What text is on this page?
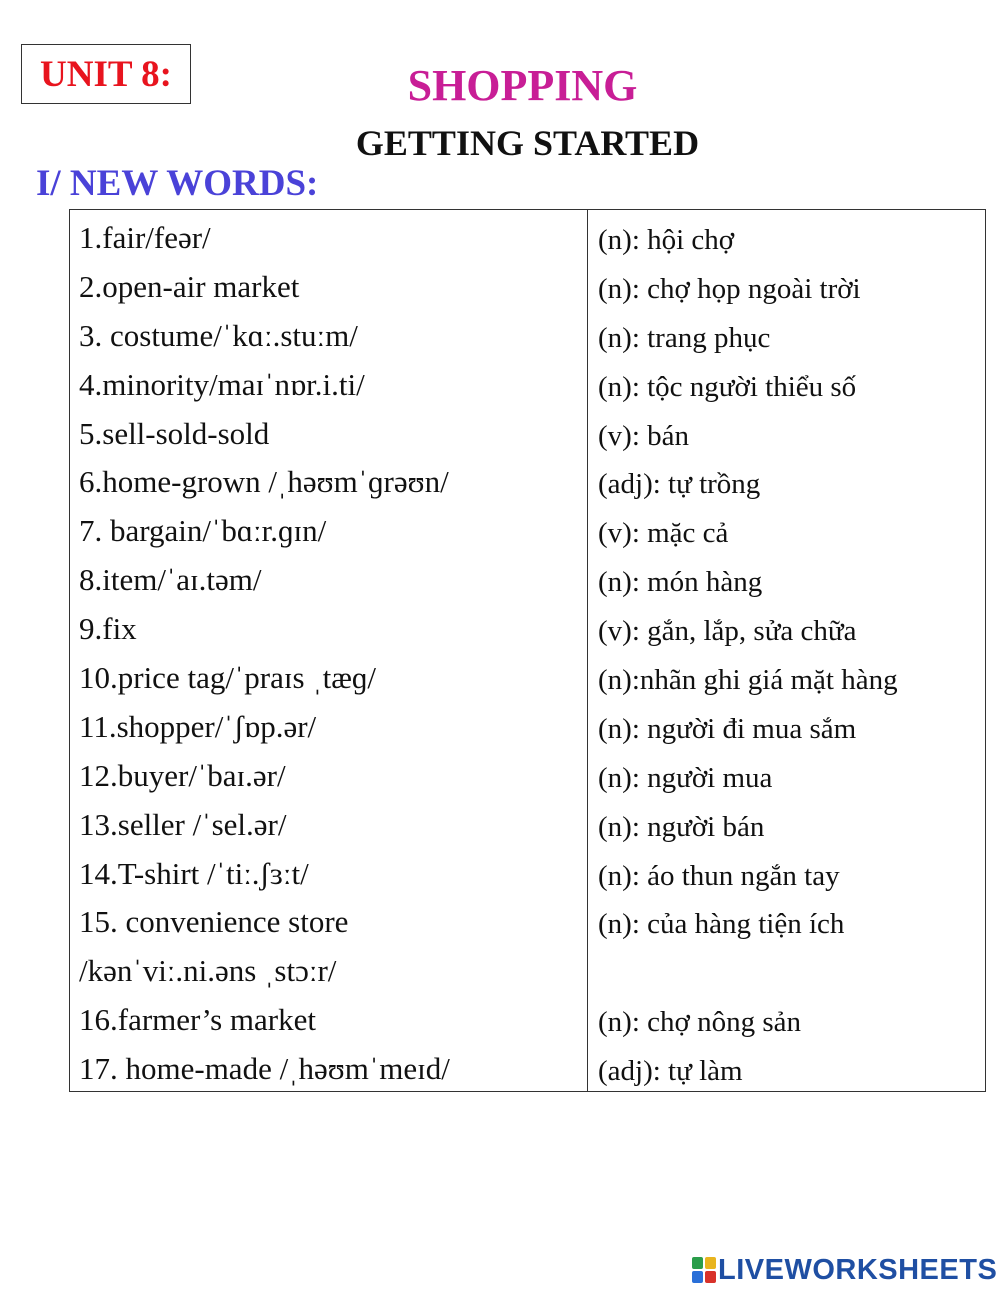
UNIT 8:	SHOPPING
GETTING STARTED
I/ NEW WORDS:
1.fair/feər/	(n): hội chợ
2.open-air market	(n): chợ họp ngoài trời
3. costume/ˈkɑː.stuːm/	(n): trang phục
4.minority/maɪˈnɒr.i.ti/	(n): tộc người thiểu số
5.sell-sold-sold	(v): bán
6.home-grown /ˌhəʊmˈɡrəʊn/	(adj): tự trồng
7. bargain/ˈbɑːr.ɡɪn/	(v): mặc cả
8.item/ˈaɪ.təm/	(n): món hàng
9.fix	(v): gắn, lắp, sửa chữa
10.price tag/ˈpraɪs ˌtæɡ/	(n):nhãn ghi giá mặt hàng
11.shopper/ˈʃɒp.ər/	(n): người đi mua sắm
12.buyer/ˈbaɪ.ər/	(n): người mua
13.seller /ˈsel.ər/	(n): người bán
14.T-shirt /ˈtiː.ʃɜːt/	(n): áo thun ngắn tay
15. convenience store	(n): của hàng tiện ích
/kənˈviː.ni.əns ˌstɔːr/
16.farmer’s market	(n): chợ nông sản
17. home-made /ˌhəʊmˈmeɪd/	(adj): tự làm
LIVEWORKSHEETS
